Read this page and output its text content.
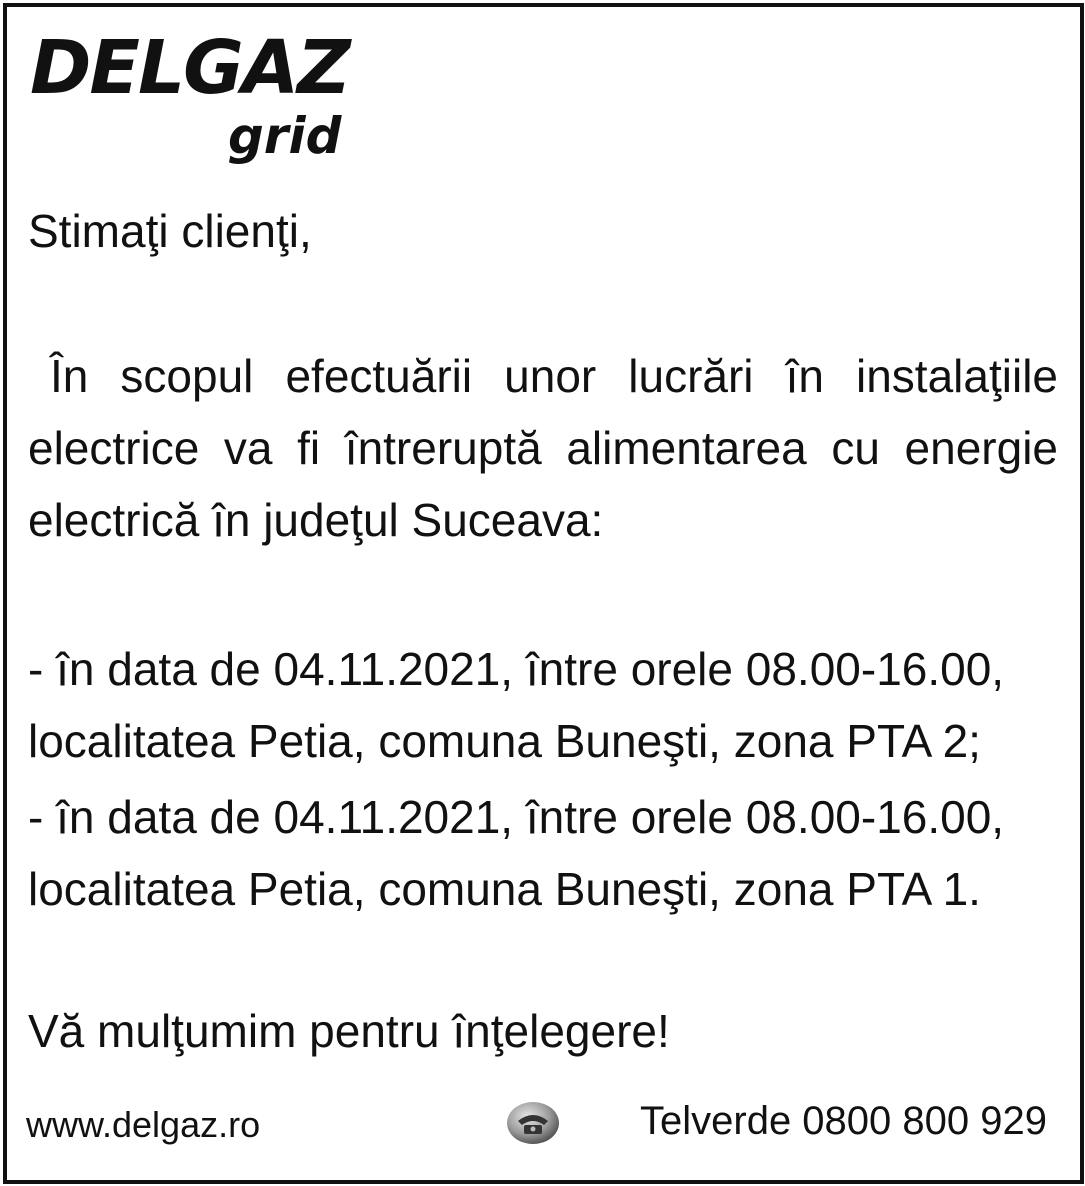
DELGAZ
grid

Stimaţi clienţi,

În scopul efectuării unor lucrări în instalaţiile electrice va fi întreruptă alimentarea cu energie electrică în judeţul Suceava:

- în data de 04.11.2021, între orele 08.00-16.00,
localitatea Petia, comuna Buneşti, zona PTA 2;
- în data de 04.11.2021, între orele 08.00-16.00,
localitatea Petia, comuna Buneşti, zona PTA 1.

Vă mulţumim pentru înţelegere!

www.delgaz.ro	Telverde 0800 800 929
